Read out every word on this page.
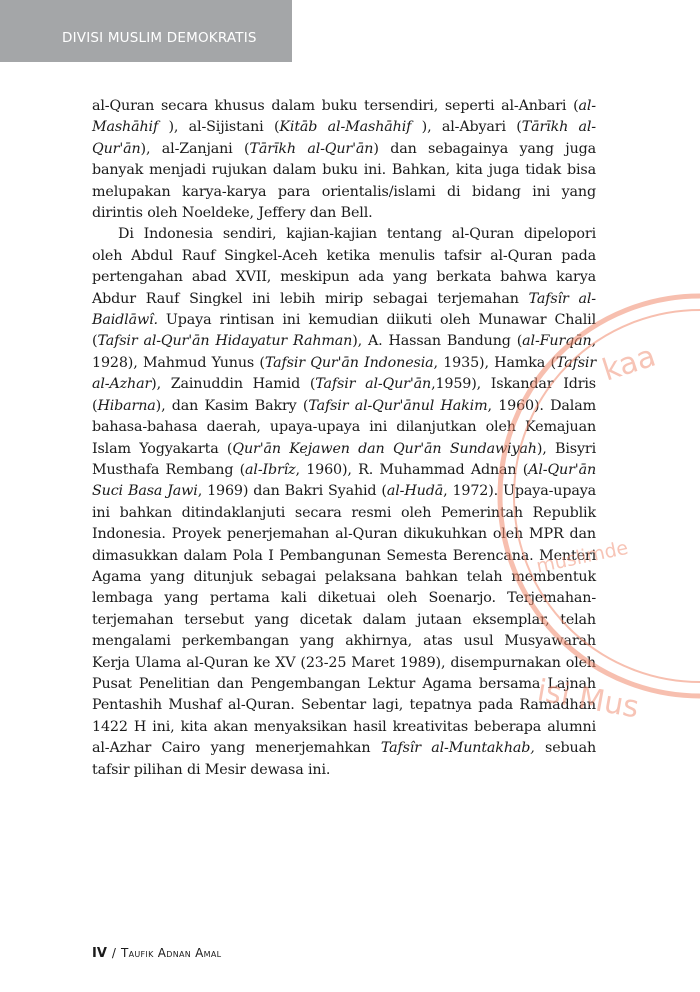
DIVISI MUSLIM DEMOKRATIS

al-Quran secara khusus dalam buku tersendiri, seperti al-Anbari (al-Mashāhif ), al-Sijistani (Kitāb al-Mashāhif ), al-Abyari (Tārīkh al-Qur'ān), al-Zanjani (Tārīkh al-Qur'ān) dan sebagainya yang juga banyak menjadi rujukan dalam buku ini. Bahkan, kita juga tidak bisa melupakan karya-karya para orientalis/islami di bidang ini yang dirintis oleh Noeldeke, Jeffery dan Bell.

Di Indonesia sendiri, kajian-kajian tentang al-Quran dipelopori oleh Abdul Rauf Singkel-Aceh ketika menulis tafsir al-Quran pada pertengahan abad XVII, meskipun ada yang berkata bahwa karya Abdur Rauf Singkel ini lebih mirip sebagai terjemahan Tafsîr al-Baidlāwî. Upaya rintisan ini kemudian diikuti oleh Munawar Chalil (Tafsir al-Qur'ān Hidayatur Rahman), A. Hassan Bandung (al-Furqān, 1928), Mahmud Yunus (Tafsir Qur'ān Indonesia, 1935), Hamka (Tafsir al-Azhar), Zainuddin Hamid (Tafsir al-Qur'ān,1959), Iskandar Idris (Hibarna), dan Kasim Bakry (Tafsir al-Qur'ānul Hakim, 1960). Dalam bahasa-bahasa daerah, upaya-upaya ini dilanjutkan oleh Kemajuan Islam Yogyakarta (Qur'ān Kejawen dan Qur'ān Sundawiyah), Bisyri Musthafa Rembang (al-Ibrîz, 1960), R. Muhammad Adnan (Al-Qur'ān Suci Basa Jawi, 1969) dan Bakri Syahid (al-Hudā, 1972). Upaya-upaya ini bahkan ditindaklanjuti secara resmi oleh Pemerintah Republik Indonesia. Proyek penerjemahan al-Quran dikukuhkan oleh MPR dan dimasukkan dalam Pola I Pembangunan Semesta Berencana. Menteri Agama yang ditunjuk sebagai pelaksana bahkan telah membentuk lembaga yang pertama kali diketuai oleh Soenarjo. Terjemahan-terjemahan tersebut yang dicetak dalam jutaan eksemplar, telah mengalami perkembangan yang akhirnya, atas usul Musyawarah Kerja Ulama al-Quran ke XV (23-25 Maret 1989), disempurnakan oleh Pusat Penelitian dan Pengembangan Lektur Agama bersama Lajnah Pentashih Mushaf al-Quran. Sebentar lagi, tepatnya pada Ramadhan 1422 H ini, kita akan menyaksikan hasil kreativitas beberapa alumni al-Azhar Cairo yang menerjemahkan Tafsîr al-Muntakhab, sebuah tafsir pilihan di Mesir dewasa ini.

kaa
muslimde
isi Mus
IV / Taufik Adnan Amal
